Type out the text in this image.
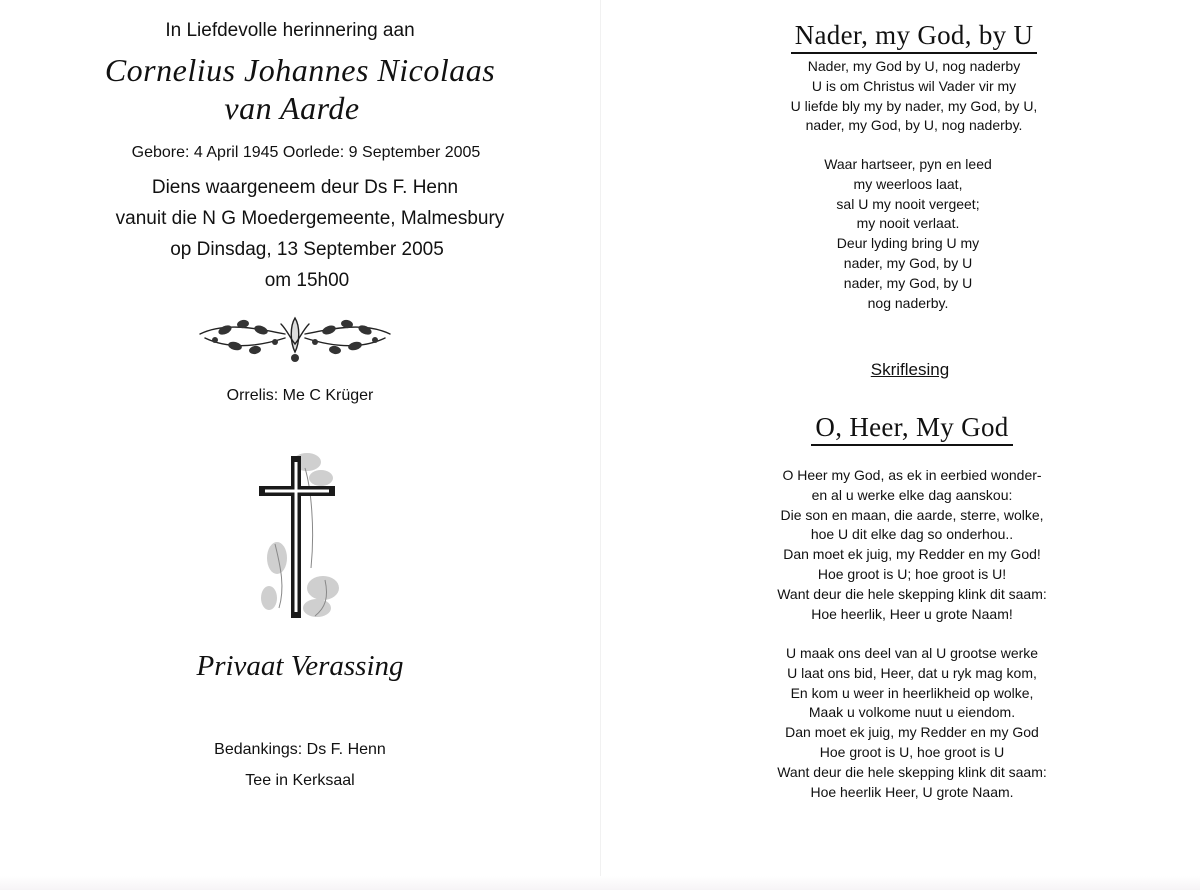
In Liefdevolle herinnering aan
Cornelius Johannes Nicolaas
van Aarde
Gebore: 4 April 1945 Oorlede: 9 September 2005
Diens waargeneem deur Ds F. Henn
vanuit die N G Moedergemeente, Malmesbury
op Dinsdag, 13 September 2005
om 15h00
Orrelis: Me C Krüger
Privaat Verassing
Bedankings: Ds F. Henn
Tee in Kerksaal
Nader, my God, by U
Nader, my God by U, nog naderby
U is om Christus wil Vader vir my
U liefde bly my by nader, my God, by U,
nader, my God, by U, nog naderby.
Waar hartseer, pyn en leed
my weerloos laat,
sal U my nooit vergeet;
my nooit verlaat.
Deur lyding bring U my
nader, my God, by U
nader, my God, by U
nog naderby.
Skriflesing
O, Heer, My God
O Heer my God, as ek in eerbied wonder-
en al u werke elke dag aanskou:
Die son en maan, die aarde, sterre, wolke,
hoe U dit elke dag so onderhou..
Dan moet ek juig, my Redder en my God!
Hoe groot is U; hoe groot is U!
Want deur die hele skepping klink dit saam:
Hoe heerlik, Heer u grote Naam!
U maak ons deel van al U grootse werke
U laat ons bid, Heer, dat u ryk mag kom,
En kom u weer in heerlikheid op wolke,
Maak u volkome nuut u eiendom.
Dan moet ek juig, my Redder en my God
Hoe groot is U, hoe groot is U
Want deur die hele skepping klink dit saam:
Hoe heerlik Heer, U grote Naam.
